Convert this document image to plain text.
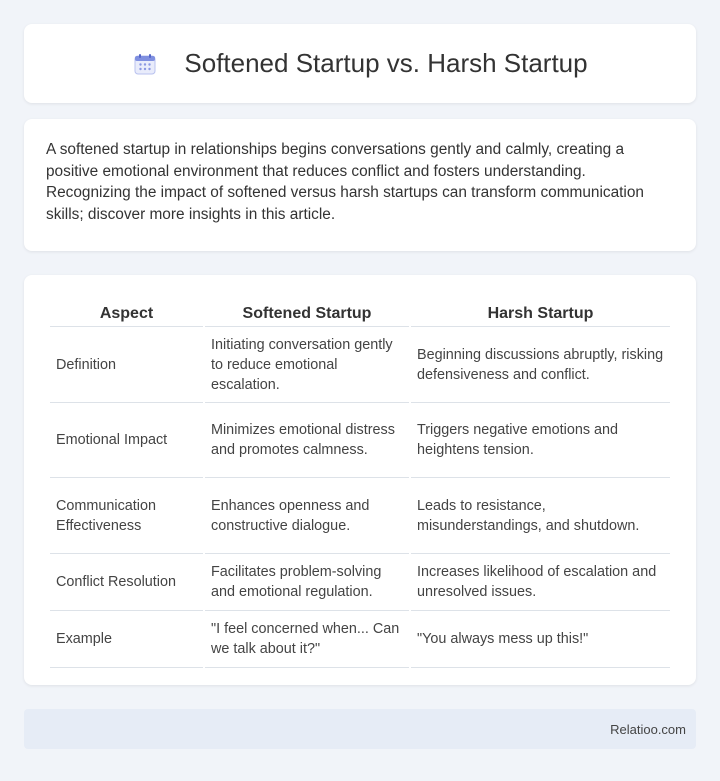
Softened Startup vs. Harsh Startup

A softened startup in relationships begins conversations gently and calmly, creating a positive emotional environment that reduces conflict and fosters understanding. Recognizing the impact of softened versus harsh startups can transform communication skills; discover more insights in this article.

Aspect	Softened Startup	Harsh Startup
Definition	Initiating conversation gently to reduce emotional escalation.	Beginning discussions abruptly, risking defensiveness and conflict.
Emotional Impact	Minimizes emotional distress and promotes calmness.	Triggers negative emotions and heightens tension.
Communication Effectiveness	Enhances openness and constructive dialogue.	Leads to resistance, misunderstandings, and shutdown.
Conflict Resolution	Facilitates problem-solving and emotional regulation.	Increases likelihood of escalation and unresolved issues.
Example	"I feel concerned when... Can we talk about it?"	"You always mess up this!"
Relatioo.com
